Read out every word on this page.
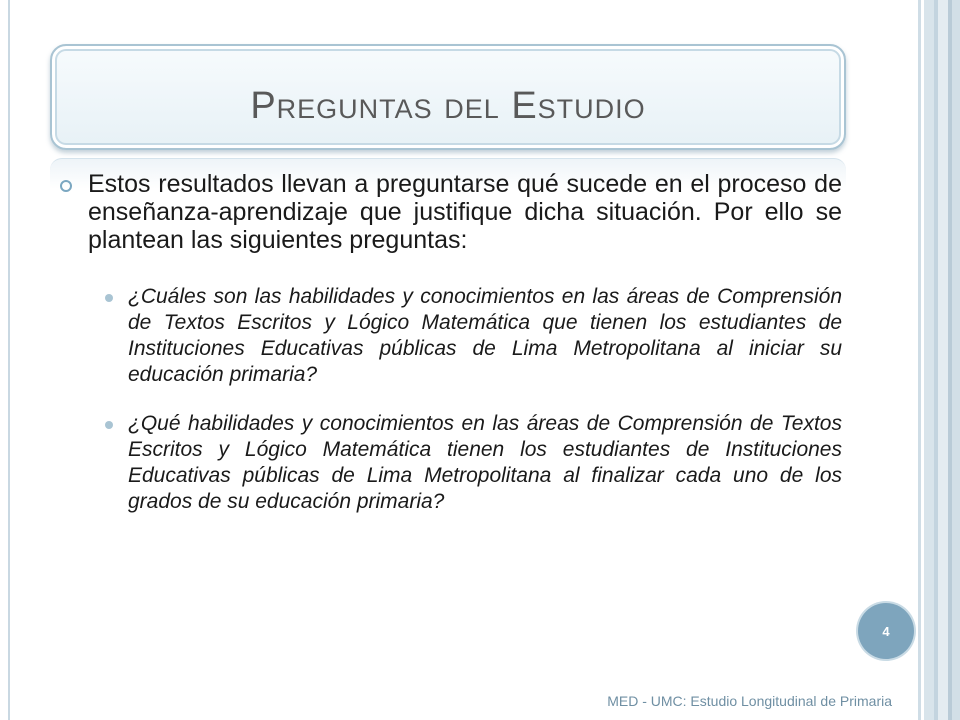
Preguntas del Estudio
Estos resultados llevan a preguntarse qué sucede en el proceso de enseñanza-aprendizaje que justifique dicha situación. Por ello se plantean las siguientes preguntas:
¿Cuáles son las habilidades y conocimientos en las áreas de Comprensión de Textos Escritos y Lógico Matemática que tienen los estudiantes de Instituciones Educativas públicas de Lima Metropolitana al iniciar su educación primaria?
¿Qué habilidades y conocimientos en las áreas de Comprensión de Textos Escritos y Lógico Matemática tienen los estudiantes de Instituciones Educativas públicas de Lima Metropolitana al finalizar cada uno de los grados de su educación primaria?
4
MED - UMC: Estudio Longitudinal de Primaria
